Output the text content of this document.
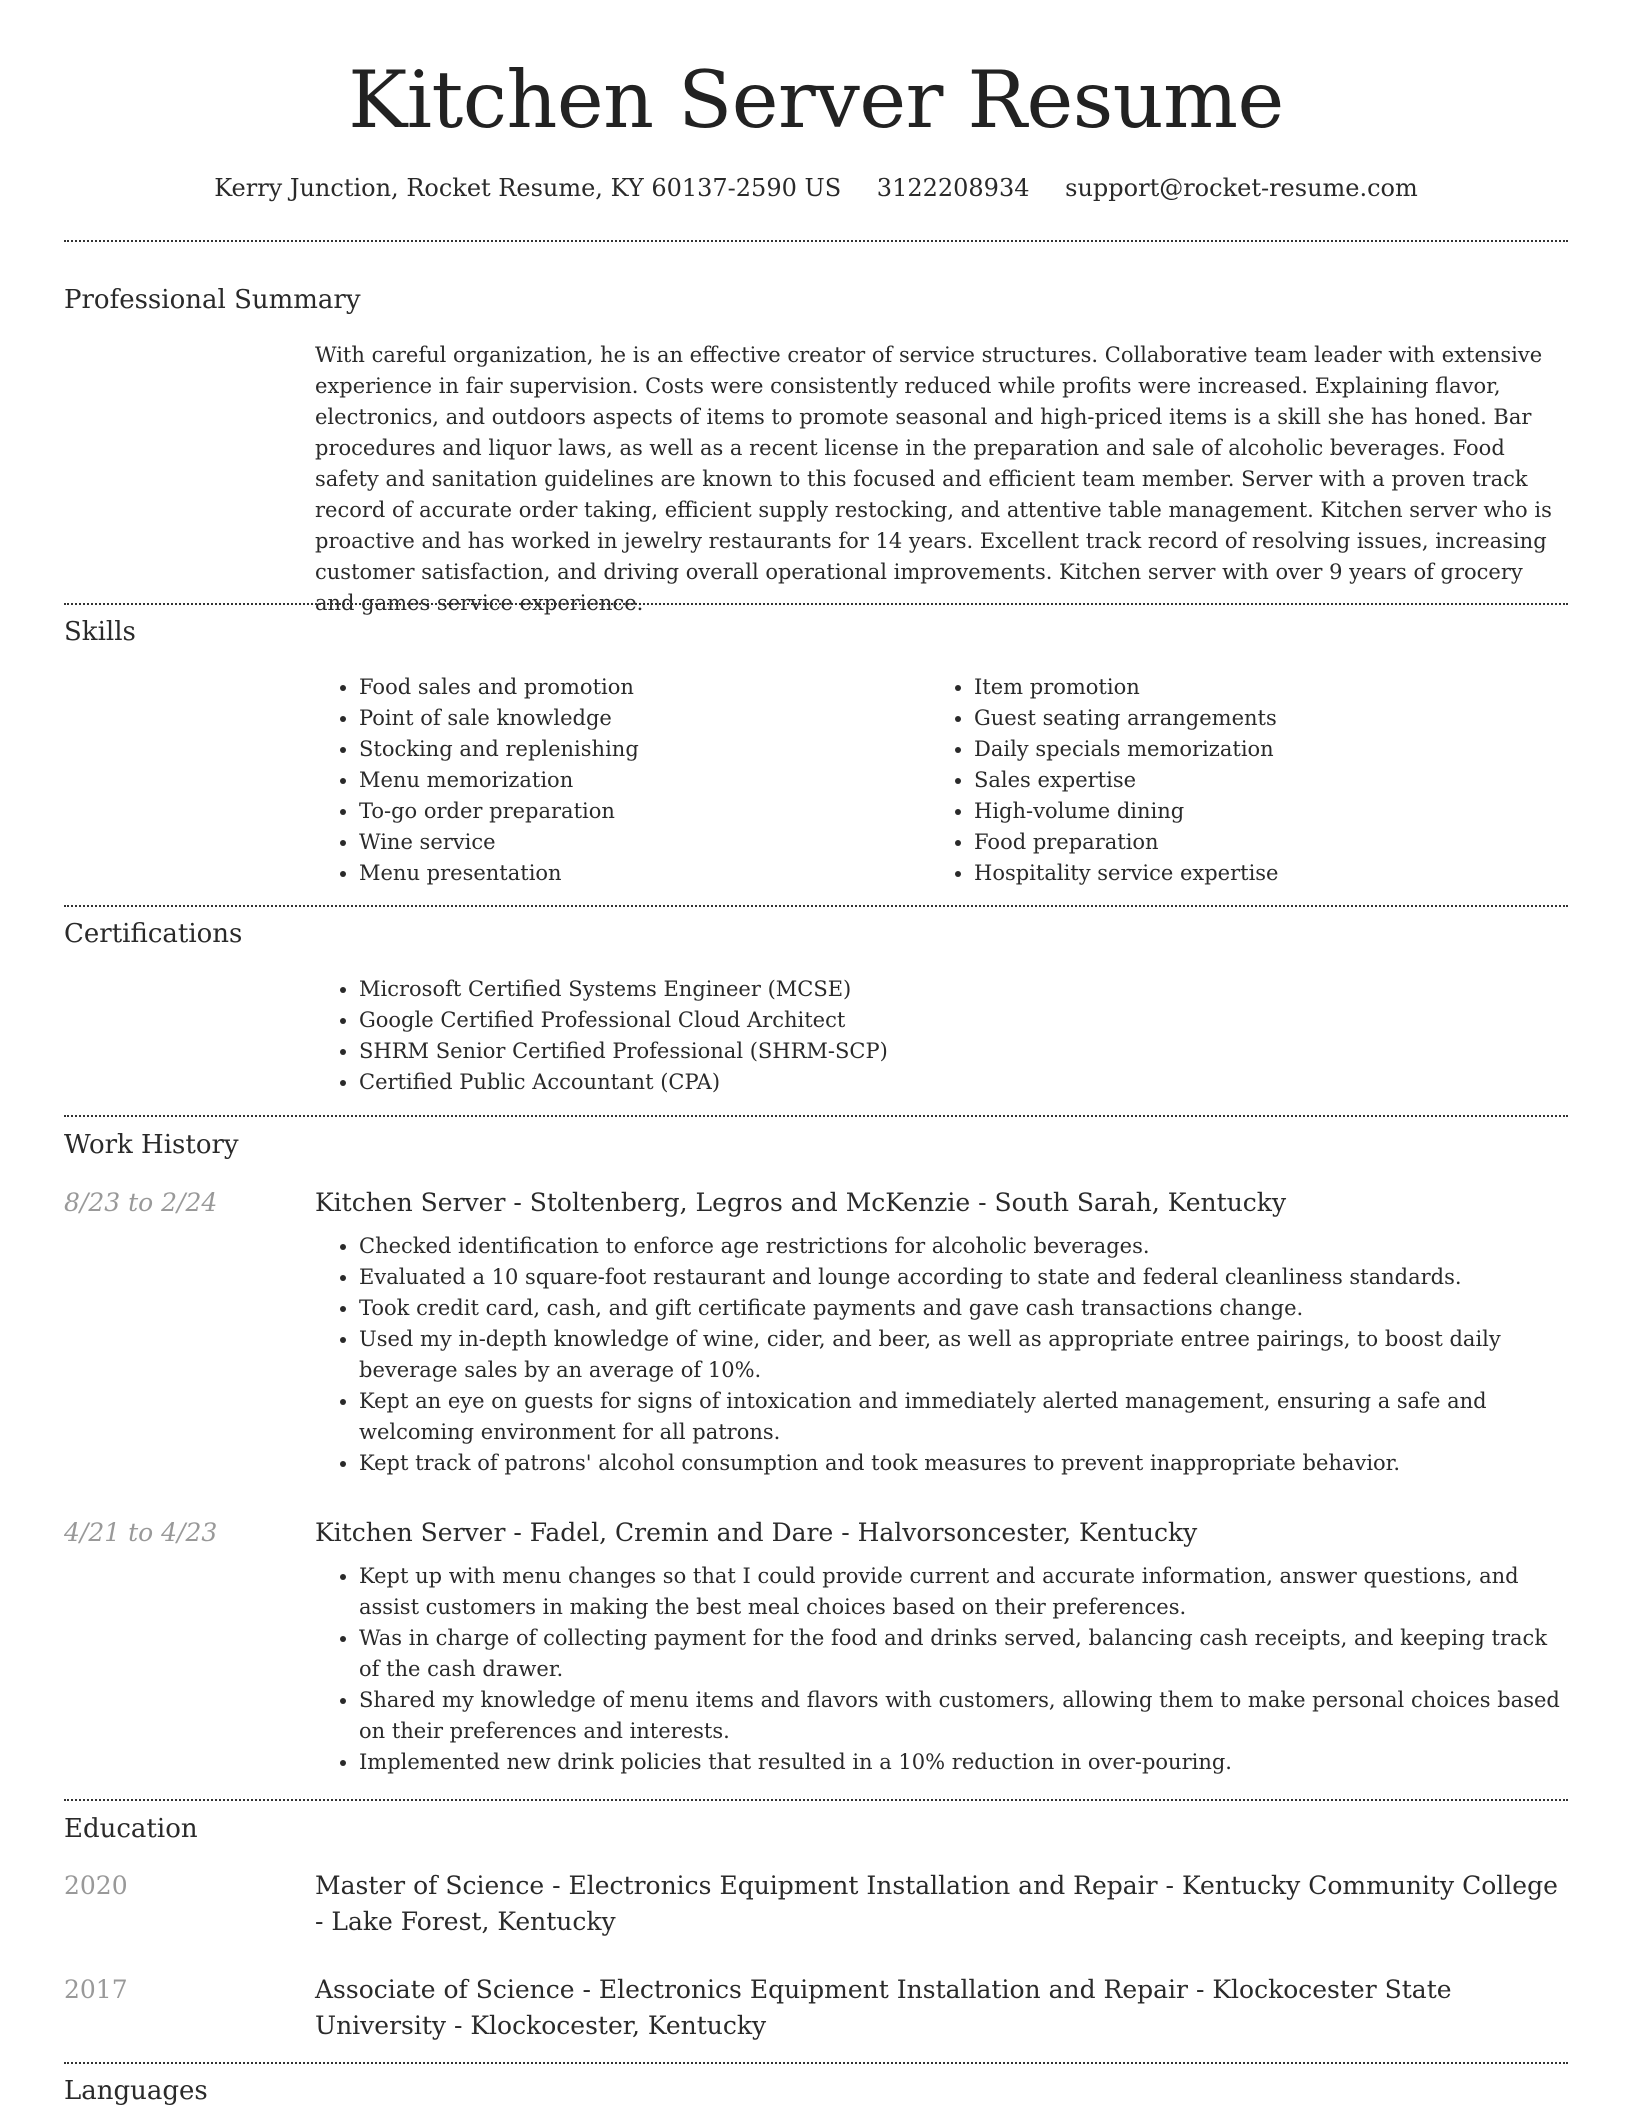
Kitchen Server Resume
Kerry Junction, Rocket Resume, KY 60137-2590 US 3122208934 support@rocket-resume.com
Professional Summary

With careful organization, he is an effective creator of service structures. Collaborative team leader with extensive experience in fair supervision. Costs were consistently reduced while profits were increased. Explaining flavor, electronics, and outdoors aspects of items to promote seasonal and high-priced items is a skill she has honed. Bar procedures and liquor laws, as well as a recent license in the preparation and sale of alcoholic beverages. Food safety and sanitation guidelines are known to this focused and efficient team member. Server with a proven track record of accurate order taking, efficient supply restocking, and attentive table management. Kitchen server who is proactive and has worked in jewelry restaurants for 14 years. Excellent track record of resolving issues, increasing customer satisfaction, and driving overall operational improvements. Kitchen server with over 9 years of grocery and games service experience.

Skills
• Food sales and promotion
• Point of sale knowledge
• Stocking and replenishing
• Menu memorization
• To-go order preparation
• Wine service
• Menu presentation
• Item promotion
• Guest seating arrangements
• Daily specials memorization
• Sales expertise
• High-volume dining
• Food preparation
• Hospitality service expertise
Certifications
• Microsoft Certified Systems Engineer (MCSE)
• Google Certified Professional Cloud Architect
• SHRM Senior Certified Professional (SHRM-SCP)
• Certified Public Accountant (CPA)
Work History
8/23 to 2/24	Kitchen Server - Stoltenberg, Legros and McKenzie - South Sarah, Kentucky
• Checked identification to enforce age restrictions for alcoholic beverages.
• Evaluated a 10 square-foot restaurant and lounge according to state and federal cleanliness standards.
• Took credit card, cash, and gift certificate payments and gave cash transactions change.
• Used my in-depth knowledge of wine, cider, and beer, as well as appropriate entree pairings, to boost daily beverage sales by an average of 10%.
• Kept an eye on guests for signs of intoxication and immediately alerted management, ensuring a safe and welcoming environment for all patrons.
• Kept track of patrons' alcohol consumption and took measures to prevent inappropriate behavior.
4/21 to 4/23	Kitchen Server - Fadel, Cremin and Dare - Halvorsoncester, Kentucky
• Kept up with menu changes so that I could provide current and accurate information, answer questions, and assist customers in making the best meal choices based on their preferences.
• Was in charge of collecting payment for the food and drinks served, balancing cash receipts, and keeping track of the cash drawer.
• Shared my knowledge of menu items and flavors with customers, allowing them to make personal choices based on their preferences and interests.
• Implemented new drink policies that resulted in a 10% reduction in over-pouring.
Education
2020	Master of Science - Electronics Equipment Installation and Repair - Kentucky Community College - Lake Forest, Kentucky
2017	Associate of Science - Electronics Equipment Installation and Repair - Klockocester State University - Klockocester, Kentucky
Languages
